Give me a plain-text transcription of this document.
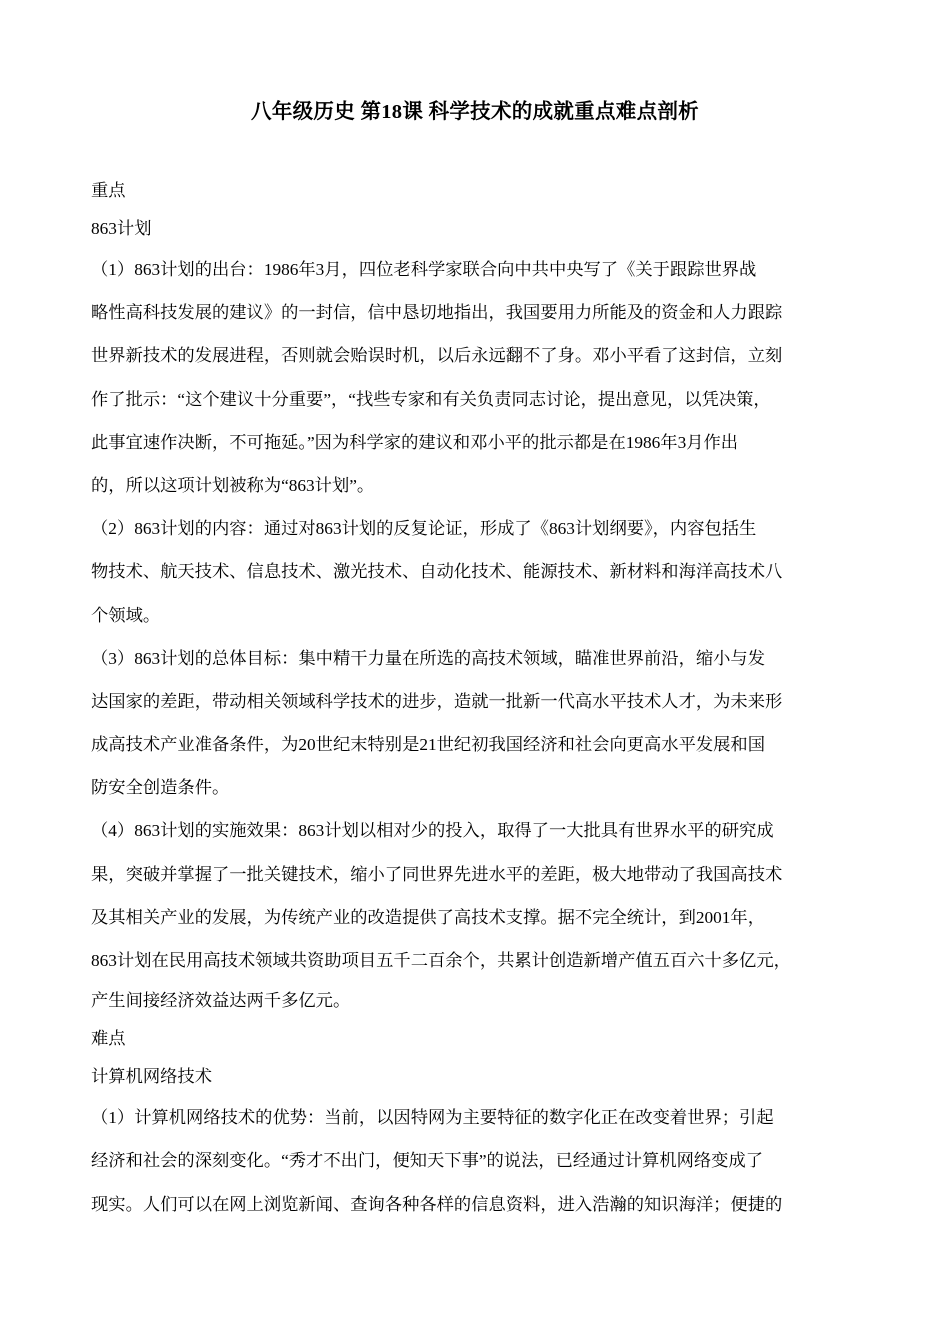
八年级历史 第18课 科学技术的成就重点难点剖析
重点
863计划
（1）863计划的出台：1986年3月，四位老科学家联合向中共中央写了《关于跟踪世界战
略性高科技发展的建议》的一封信，信中恳切地指出，我国要用力所能及的资金和人力跟踪
世界新技术的发展进程，否则就会贻误时机，以后永远翻不了身。邓小平看了这封信，立刻
作了批示：“这个建议十分重要”，“找些专家和有关负责同志讨论，提出意见，以凭决策，
此事宜速作决断，不可拖延。”因为科学家的建议和邓小平的批示都是在1986年3月作出
的，所以这项计划被称为“863计划”。
（2）863计划的内容：通过对863计划的反复论证，形成了《863计划纲要》，内容包括生
物技术、航天技术、信息技术、激光技术、自动化技术、能源技术、新材料和海洋高技术八
个领域。
（3）863计划的总体目标：集中精干力量在所选的高技术领域，瞄准世界前沿，缩小与发
达国家的差距，带动相关领域科学技术的进步，造就一批新一代高水平技术人才，为未来形
成高技术产业准备条件，为20世纪末特别是21世纪初我国经济和社会向更高水平发展和国
防安全创造条件。
（4）863计划的实施效果：863计划以相对少的投入，取得了一大批具有世界水平的研究成
果，突破并掌握了一批关键技术，缩小了同世界先进水平的差距，极大地带动了我国高技术
及其相关产业的发展，为传统产业的改造提供了高技术支撑。据不完全统计，到2001年，
863计划在民用高技术领域共资助项目五千二百余个，共累计创造新增产值五百六十多亿元，
产生间接经济效益达两千多亿元。
难点
计算机网络技术
（1）计算机网络技术的优势：当前，以因特网为主要特征的数字化正在改变着世界；引起
经济和社会的深刻变化。“秀才不出门，便知天下事”的说法，已经通过计算机网络变成了
现实。人们可以在网上浏览新闻、查询各种各样的信息资料，进入浩瀚的知识海洋；便捷的
